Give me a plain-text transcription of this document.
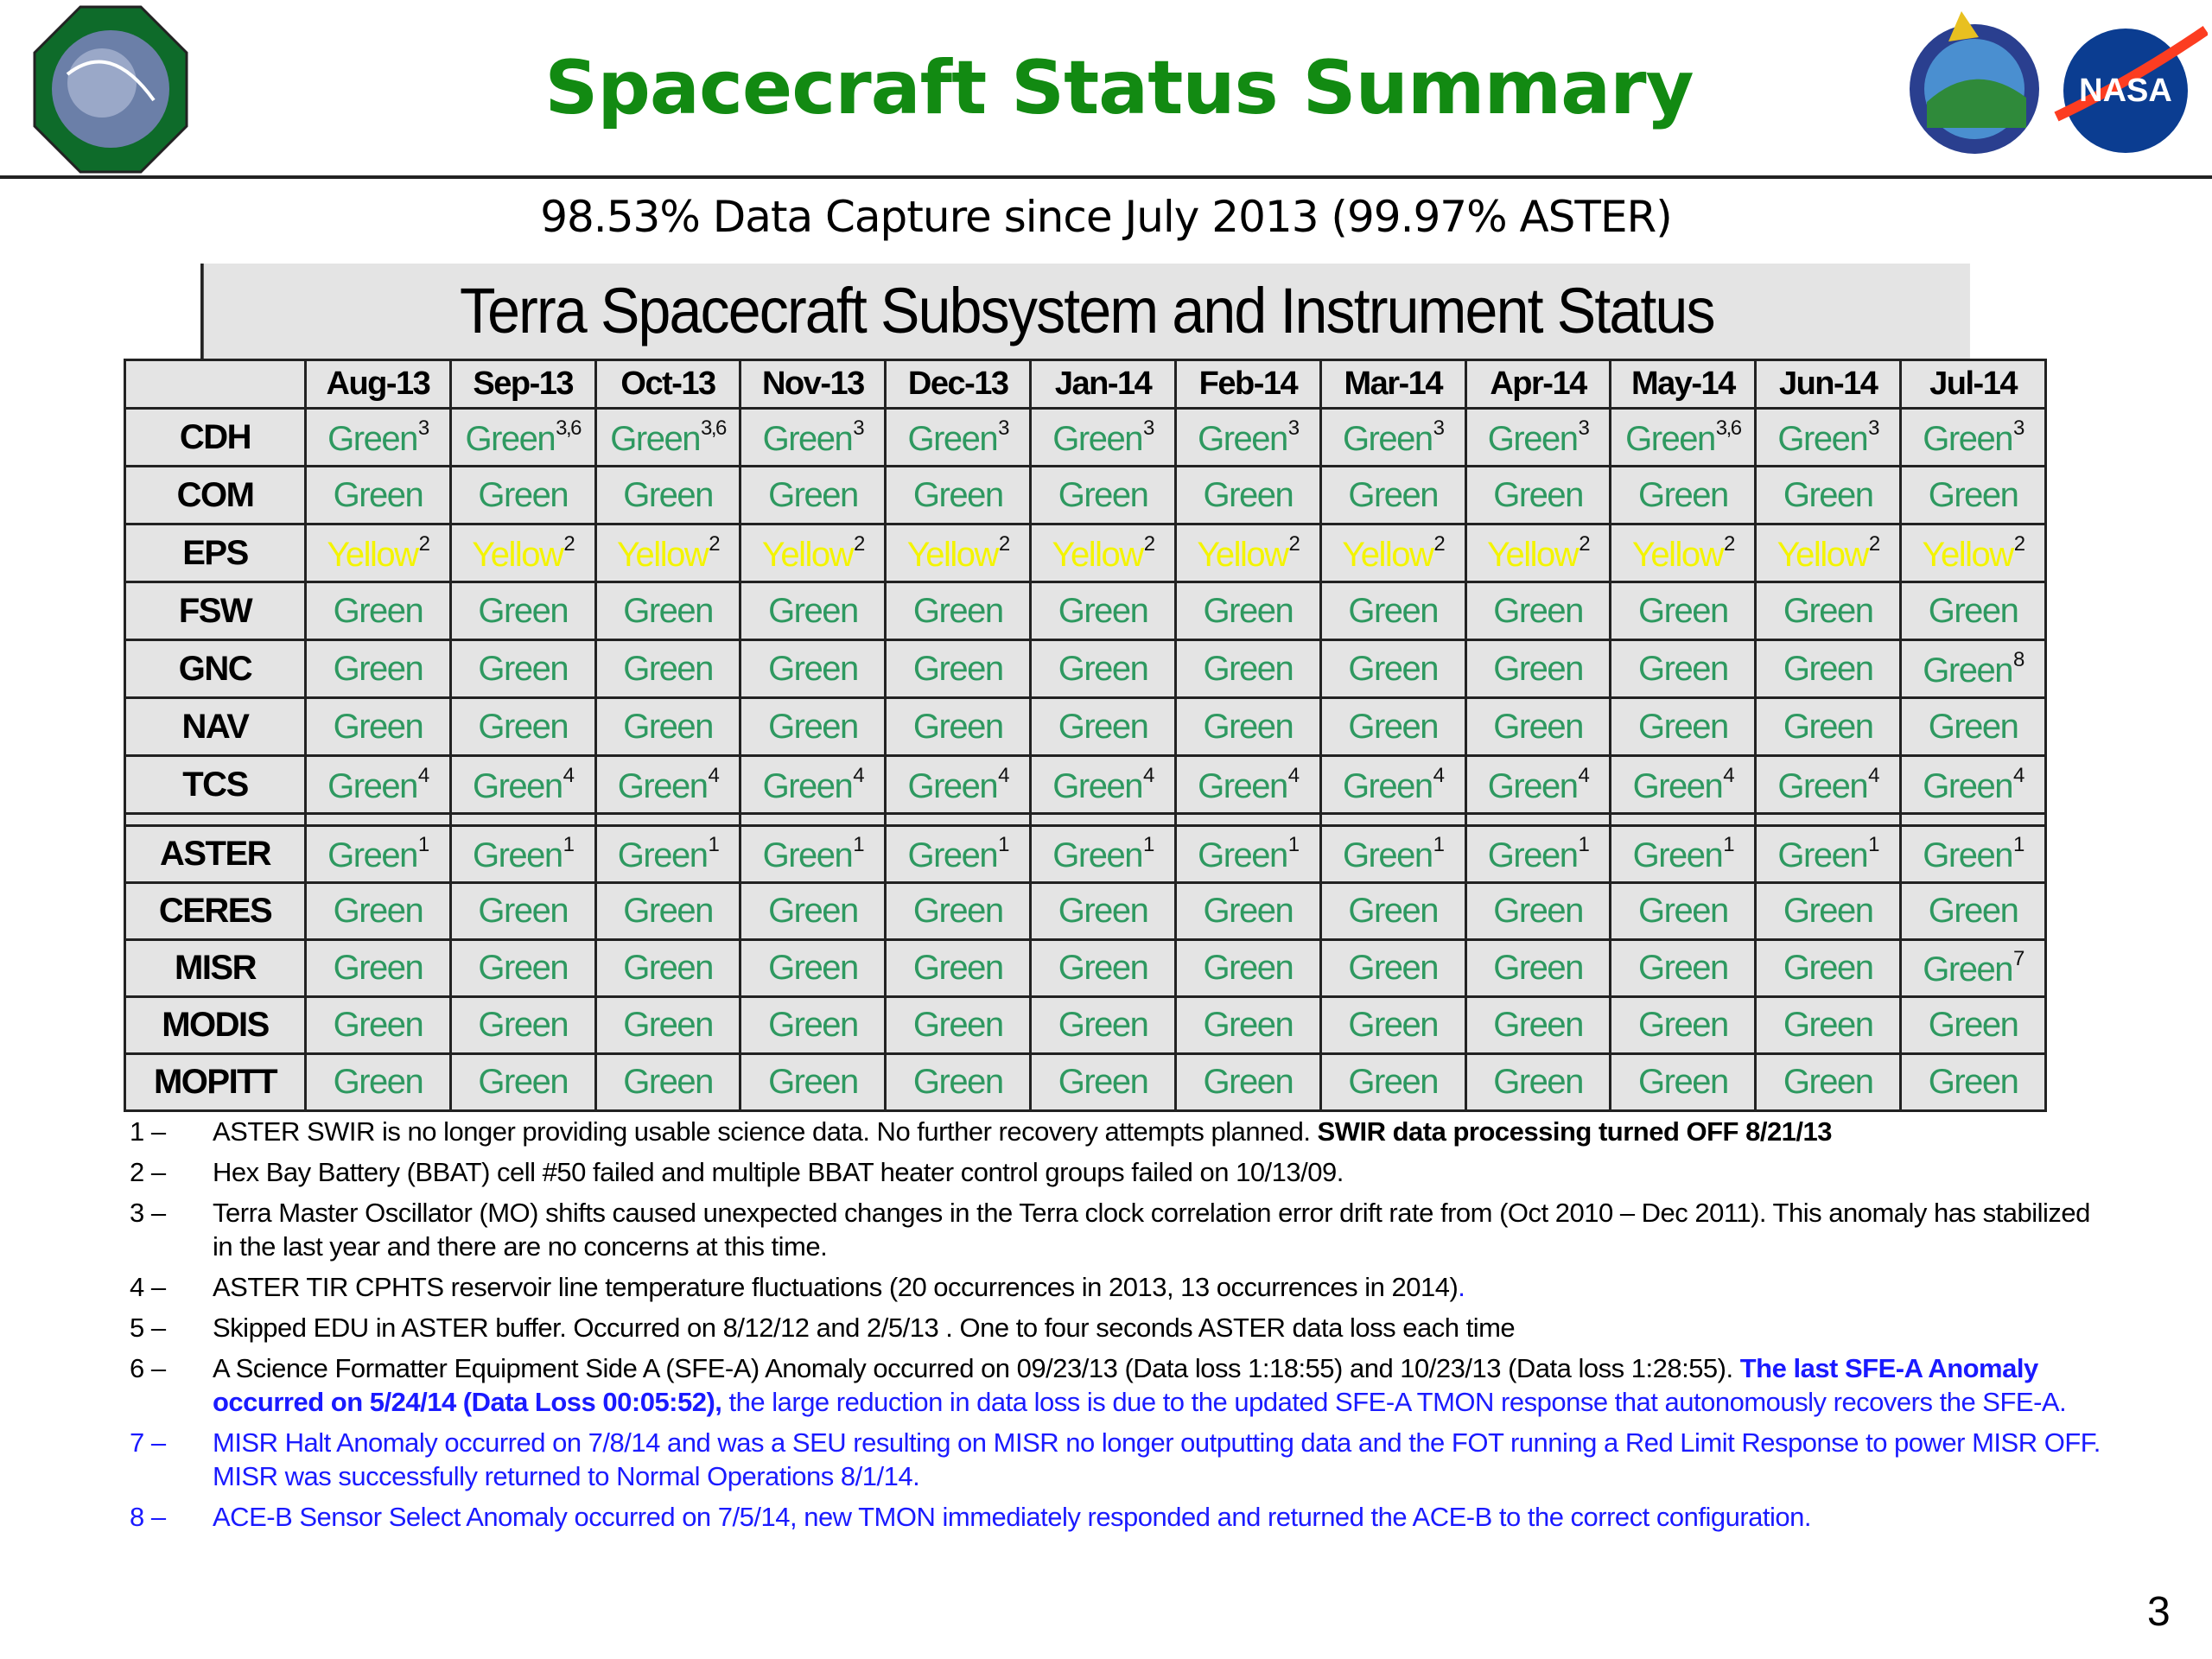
Spacecraft Status Summary	NASA
98.53% Data Capture since July 2013 (99.97% ASTER)
Terra Spacecraft Subsystem and Instrument Status
	Aug-13	Sep-13	Oct-13	Nov-13	Dec-13	Jan-14	Feb-14	Mar-14	Apr-14	May-14	Jun-14	Jul-14
CDH	Green$^3$	Green$^{3,6}$	Green$^{3,6}$	Green$^3$	Green$^3$	Green$^3$	Green$^3$	Green$^3$	Green$^3$	Green$^{3,6}$	Green$^3$	Green$^3$
COM	Green	Green	Green	Green	Green	Green	Green	Green	Green	Green	Green	Green
EPS	Yellow$^2$	Yellow$^2$	Yellow$^2$	Yellow$^2$	Yellow$^2$	Yellow$^2$	Yellow$^2$	Yellow$^2$	Yellow$^2$	Yellow$^2$	Yellow$^2$	Yellow$^2$
FSW	Green	Green	Green	Green	Green	Green	Green	Green	Green	Green	Green	Green
GNC	Green	Green	Green	Green	Green	Green	Green	Green	Green	Green	Green	Green$^8$
NAV	Green	Green	Green	Green	Green	Green	Green	Green	Green	Green	Green	Green
TCS	Green$^4$	Green$^4$	Green$^4$	Green$^4$	Green$^4$	Green$^4$	Green$^4$	Green$^4$	Green$^4$	Green$^4$	Green$^4$	Green$^4$

ASTER	Green$^1$	Green$^1$	Green$^1$	Green$^1$	Green$^1$	Green$^1$	Green$^1$	Green$^1$	Green$^1$	Green$^1$	Green$^1$	Green$^1$
CERES	Green	Green	Green	Green	Green	Green	Green	Green	Green	Green	Green	Green
MISR	Green	Green	Green	Green	Green	Green	Green	Green	Green	Green	Green	Green$^7$
MODIS	Green	Green	Green	Green	Green	Green	Green	Green	Green	Green	Green	Green
MOPITT	Green	Green	Green	Green	Green	Green	Green	Green	Green	Green	Green	Green
1 – ASTER SWIR is no longer providing usable science data. No further recovery attempts planned. SWIR data processing turned OFF 8/21/13
2 – Hex Bay Battery (BBAT) cell #50 failed and multiple BBAT heater control groups failed on 10/13/09.
3 – Terra Master Oscillator (MO) shifts caused unexpected changes in the Terra clock correlation error drift rate from (Oct 2010 – Dec 2011). This anomaly has stabilized in the last year and there are no concerns at this time.
4 – ASTER TIR CPHTS reservoir line temperature fluctuations (20 occurrences in 2013, 13 occurrences in 2014).
5 – Skipped EDU in ASTER buffer. Occurred on 8/12/12 and 2/5/13 . One to four seconds ASTER data loss each time
6 – A Science Formatter Equipment Side A (SFE-A) Anomaly occurred on 09/23/13 (Data loss 1:18:55) and 10/23/13 (Data loss 1:28:55). The last SFE-A Anomaly occurred on 5/24/14 (Data Loss 00:05:52), the large reduction in data loss is due to the updated SFE-A TMON response that autonomously recovers the SFE-A.
7 – MISR Halt Anomaly occurred on 7/8/14 and was a SEU resulting on MISR no longer outputting data and the FOT running a Red Limit Response to power MISR OFF. MISR was successfully returned to Normal Operations 8/1/14.
8 – ACE-B Sensor Select Anomaly occurred on 7/5/14, new TMON immediately responded and returned the ACE-B to the correct configuration.
3
